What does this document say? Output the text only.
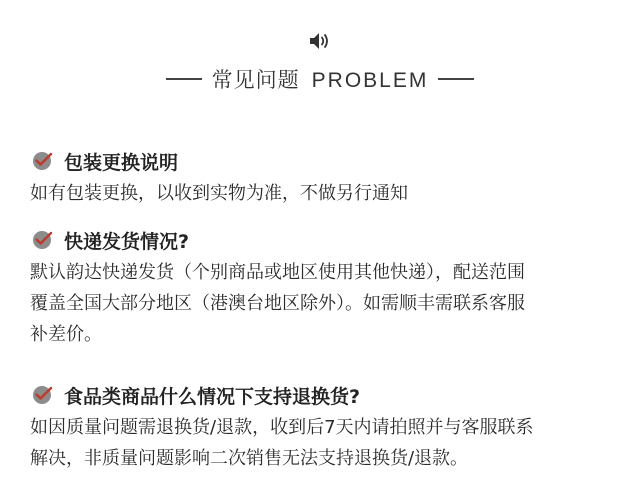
常见问题 PROBLEM
包装更换说明
如有包装更换，以收到实物为准，不做另行通知
快递发货情况?
默认韵达快递发货（个别商品或地区使用其他快递），配送范围
覆盖全国大部分地区（港澳台地区除外）。如需顺丰需联系客服
补差价。
食品类商品什么情况下支持退换货?
如因质量问题需退换货/退款，收到后7天内请拍照并与客服联系
解决，非质量问题影响二次销售无法支持退换货/退款。
